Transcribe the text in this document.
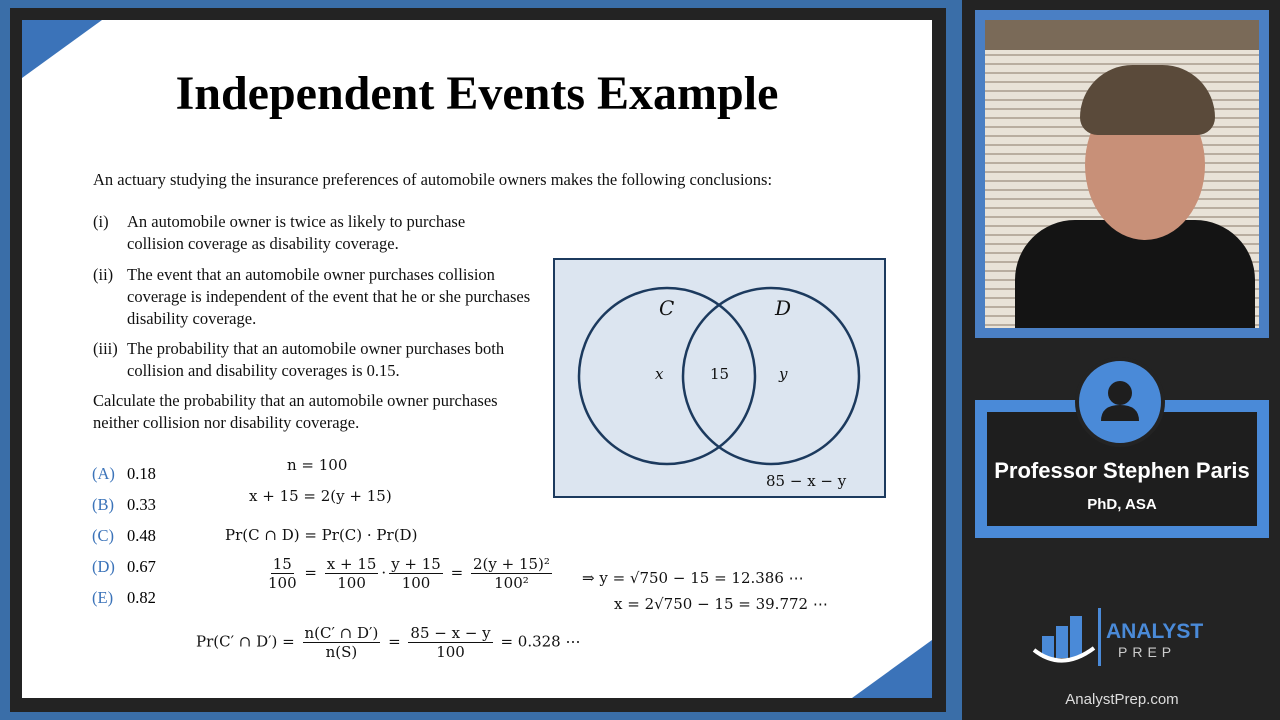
Independent Events Example
An actuary studying the insurance preferences of automobile owners makes the following conclusions:
(i) An automobile owner is twice as likely to purchase collision coverage as disability coverage.
(ii) The event that an automobile owner purchases collision coverage is independent of the event that he or she purchases disability coverage.
(iii) The probability that an automobile owner purchases both collision and disability coverages is 0.15.
Calculate the probability that an automobile owner purchases neither collision nor disability coverage.
(A) 0.18
(B) 0.33
(C) 0.48
(D) 0.67
(E) 0.82
C	D
x	15	y
85 − x − y
n = 100
x + 15 = 2(y + 15)
Pr(C ∩ D) = Pr(C) · Pr(D)
$\frac{15}{100} = \frac{x + 15}{100} \cdot \frac{y + 15}{100} = \frac{\text{2(y + 15)²}}{\text{100²}}$ ⇒ y = √750 − 15 = 12.386 ⋯
x = 2√750 − 15 = 39.772 ⋯
Pr(C′ ∩ $D') = \frac{n(C' \cap D')}{n(S)} = \frac{85 - x - y}{100} = 0.328$ ⋯
Professor Stephen Paris
PhD, ASA
ANALYST
PREP
AnalystPrep.com
